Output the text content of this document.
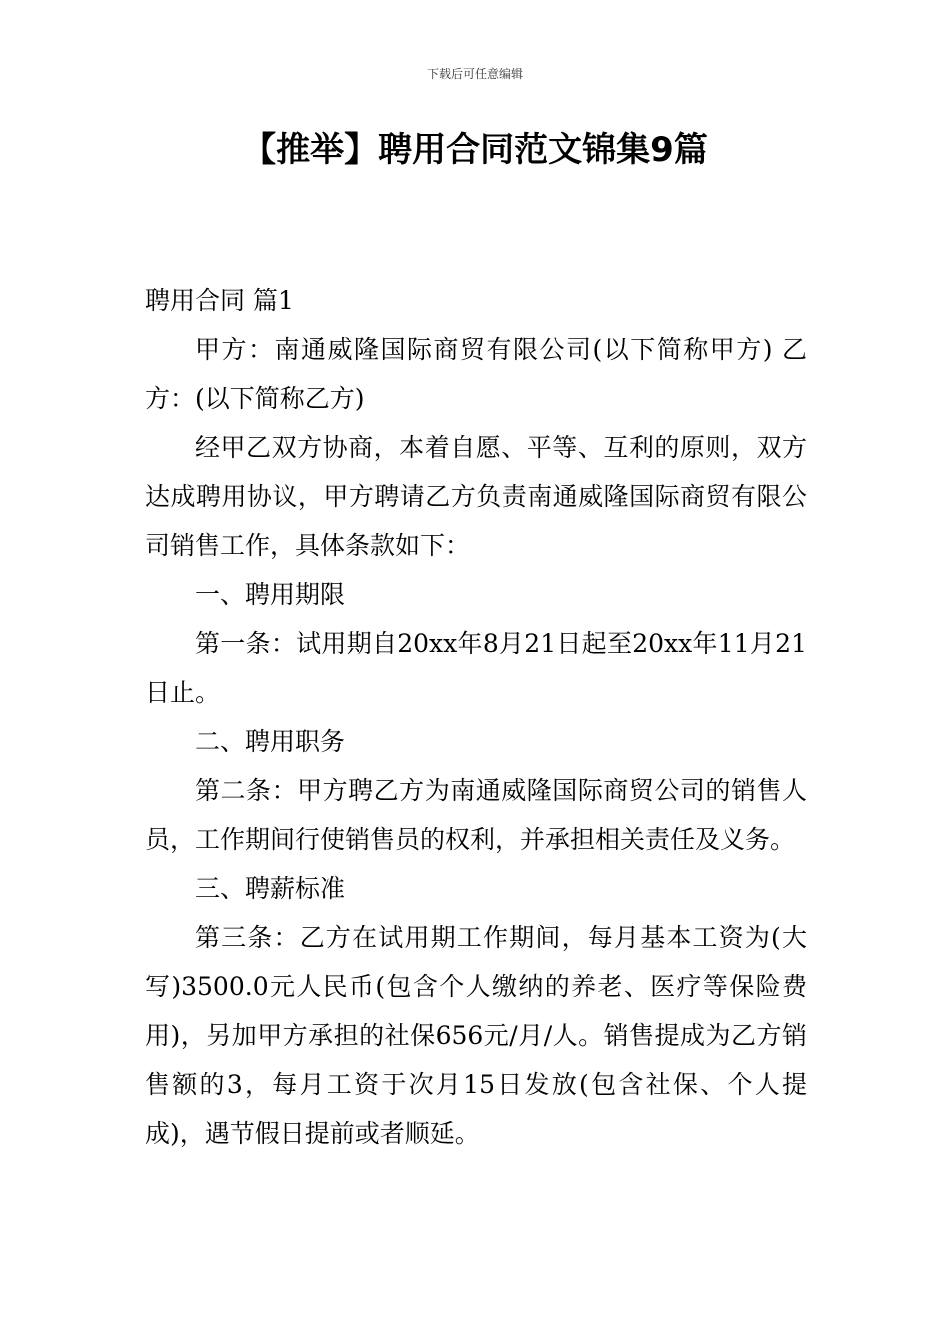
下载后可任意编辑
【推举】聘用合同范文锦集9篇

聘用合同 篇1

甲方：南通威隆国际商贸有限公司(以下简称甲方) 乙方：(以下简称乙方)

经甲乙双方协商，本着自愿、平等、互利的原则，双方达成聘用协议，甲方聘请乙方负责南通威隆国际商贸有限公司销售工作，具体条款如下：

一、聘用期限

第一条：试用期自20xx年8月21日起至20xx年11月21日止。

二、聘用职务

第二条：甲方聘乙方为南通威隆国际商贸公司的销售人员，工作期间行使销售员的权利，并承担相关责任及义务。

三、聘薪标准

第三条：乙方在试用期工作期间，每月基本工资为(大写)3500.0元人民币(包含个人缴纳的养老、医疗等保险费用)，另加甲方承担的社保656元/月/人。销售提成为乙方销售额的3，每月工资于次月15日发放(包含社保、个人提成)，遇节假日提前或者顺延。
